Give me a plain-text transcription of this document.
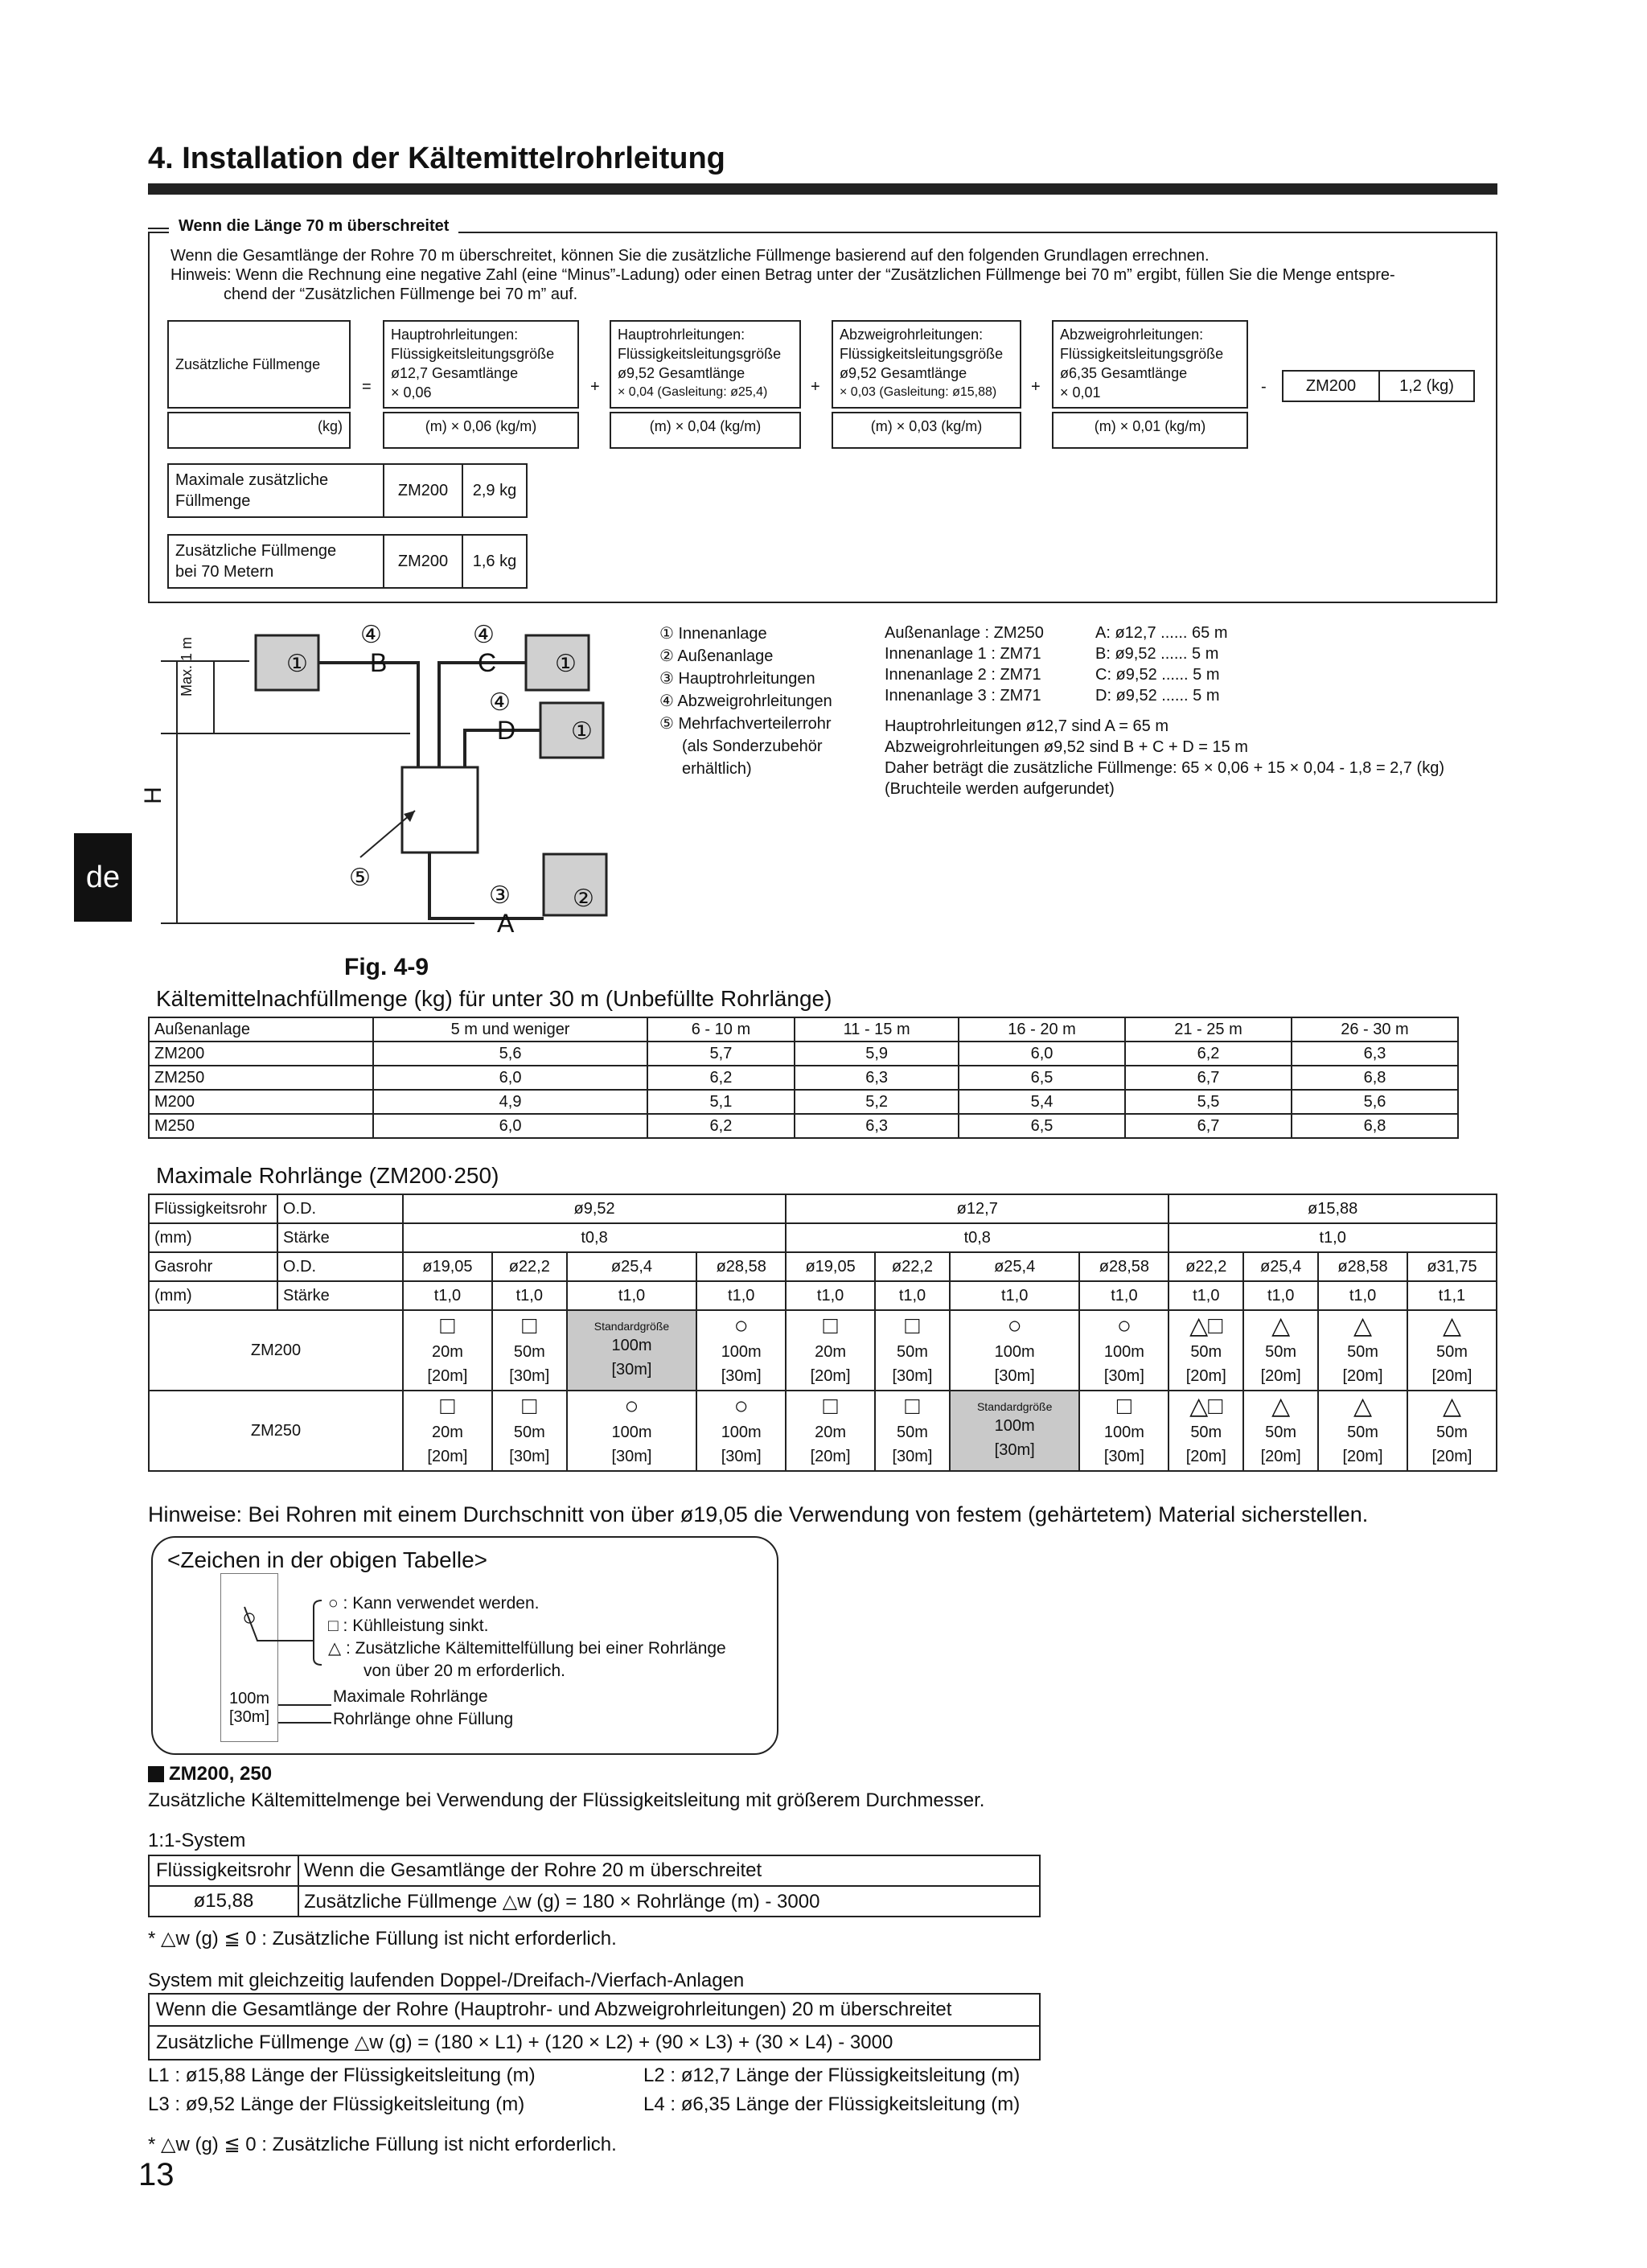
4. Installation der Kältemittelrohrleitung
Wenn die Länge 70 m überschreitet
Wenn die Gesamtlänge der Rohre 70 m überschreitet, können Sie die zusätzliche Füllmenge basierend auf den folgenden Grundlagen errechnen.
Hinweis: Wenn die Rechnung eine negative Zahl (eine “Minus”-Ladung) oder einen Betrag unter der “Zusätzlichen Füllmenge bei 70 m” ergibt, füllen Sie die Menge entspre-
chend der “Zusätzlichen Füllmenge bei 70 m” auf.
Zusätzliche Füllmenge
(kg)
=
Hauptrohrleitungen:
Flüssigkeitsleitungsgröße
ø12,7 Gesamtlänge
× 0,06
(m) × 0,06 (kg/m)
+
Hauptrohrleitungen:
Flüssigkeitsleitungsgröße
ø9,52 Gesamtlänge
× 0,04 (Gasleitung: ø25,4)
(m) × 0,04 (kg/m)
+
Abzweigrohrleitungen:
Flüssigkeitsleitungsgröße
ø9,52 Gesamtlänge
× 0,03 (Gasleitung: ø15,88)
(m) × 0,03 (kg/m)
+
Abzweigrohrleitungen:
Flüssigkeitsleitungsgröße
ø6,35 Gesamtlänge
× 0,01
(m) × 0,01 (kg/m)
- ZM200	1,2 (kg)
Maximale zusätzliche
Füllmenge
	ZM200	2,9 kg
Zusätzliche Füllmenge
bei 70 Metern
	ZM200	1,6 kg
①	①
①
②
④	④
④
③
⑤
B	C
D
A
H
Max. 1 m
Fig. 4-9
① Innenanlage
② Außenanlage
③ Hauptrohrleitungen
④ Abzweigrohrleitungen
⑤ Mehrfachverteilerrohr
(als Sonderzubehör
erhältlich)
Außenanlage : ZM250	A: ø12,7 ...... 65 m
Innenanlage 1 : ZM71	B: ø9,52 ...... 5 m
Innenanlage 2 : ZM71	C: ø9,52 ...... 5 m
Innenanlage 3 : ZM71	D: ø9,52 ...... 5 m
Hauptrohrleitungen ø12,7 sind A = 65 m
Abzweigrohrleitungen ø9,52 sind B + C + D = 15 m
Daher beträgt die zusätzliche Füllmenge: 65 × 0,06 + 15 × 0,04 - 1,8 = 2,7 (kg)
(Bruchteile werden aufgerundet)
de
Kältemittelnachfüllmenge (kg) für unter 30 m (Unbefüllte Rohrlänge)
Außenanlage	5 m und weniger	6 - 10 m	11 - 15 m	16 - 20 m	21 - 25 m	26 - 30 m
ZM200	5,6	5,7	5,9	6,0	6,2	6,3
ZM250	6,0	6,2	6,3	6,5	6,7	6,8
M200	4,9	5,1	5,2	5,4	5,5	5,6
M250	6,0	6,2	6,3	6,5	6,7	6,8
Maximale Rohrlänge (ZM200·250)
Flüssigkeitsrohr	O.D.	ø9,52				ø12,7				ø15,88			
(mm)	Stärke	t0,8				t0,8				t1,0			
Gasrohr	O.D.	ø19,05	ø22,2	ø25,4	ø28,58	ø19,05	ø22,2	ø25,4	ø28,58	ø22,2	ø25,4	ø28,58	ø31,75
(mm)	Stärke	t1,0	t1,0	t1,0	t1,0	t1,0	t1,0	t1,0	t1,0	t1,0	t1,0	t1,0	t1,1
ZM200		□
20m
[20m]	□
50m
[30m]	Standardgröße
100m
[30m]	○
100m
[30m]	□
20m
[20m]	□
50m
[30m]	○
100m
[30m]	○
100m
[30m]	△□
50m
[20m]	△
50m
[20m]	△
50m
[20m]	△
50m
[20m]

ZM250		□
20m
[20m]	□
50m
[30m]	○
100m
[30m]	○
100m
[30m]	□
20m
[20m]	□
50m
[30m]	Standardgröße
100m
[30m]	□
100m
[30m]	△□
50m
[20m]	△
50m
[20m]	△
50m
[20m]	△
50m
[20m]
Hinweise: Bei Rohren mit einem Durchschnitt von über ø19,05 die Verwendung von festem (gehärtetem) Material sicherstellen.
<Zeichen in der obigen Tabelle>
○
100m
[30m]
○ : Kann verwendet werden.
□ : Kühlleistung sinkt.
△ : Zusätzliche Kältemittelfüllung bei einer Rohrlänge
von über 20 m erforderlich.
Maximale Rohrlänge
Rohrlänge ohne Füllung
ZM200, 250
Zusätzliche Kältemittelmenge bei Verwendung der Flüssigkeitsleitung mit größerem Durchmesser.
1:1-System
Flüssigkeitsrohr	Wenn die Gesamtlänge der Rohre 20 m überschreitet
ø15,88	Zusätzliche Füllmenge △w (g) = 180 × Rohrlänge (m) - 3000
* △w (g) ≦ 0 : Zusätzliche Füllung ist nicht erforderlich.
System mit gleichzeitig laufenden Doppel-/Dreifach-/Vierfach-Anlagen
Wenn die Gesamtlänge der Rohre (Hauptrohr- und Abzweigrohrleitungen) 20 m überschreitet
Zusätzliche Füllmenge △w (g) = (180 × L1) + (120 × L2) + (90 × L3) + (30 × L4) - 3000
L1 : ø15,88 Länge der Flüssigkeitsleitung (m)	L2 : ø12,7 Länge der Flüssigkeitsleitung (m)
L3 : ø9,52 Länge der Flüssigkeitsleitung (m)	L4 : ø6,35 Länge der Flüssigkeitsleitung (m)
* △w (g) ≦ 0 : Zusätzliche Füllung ist nicht erforderlich.
13
